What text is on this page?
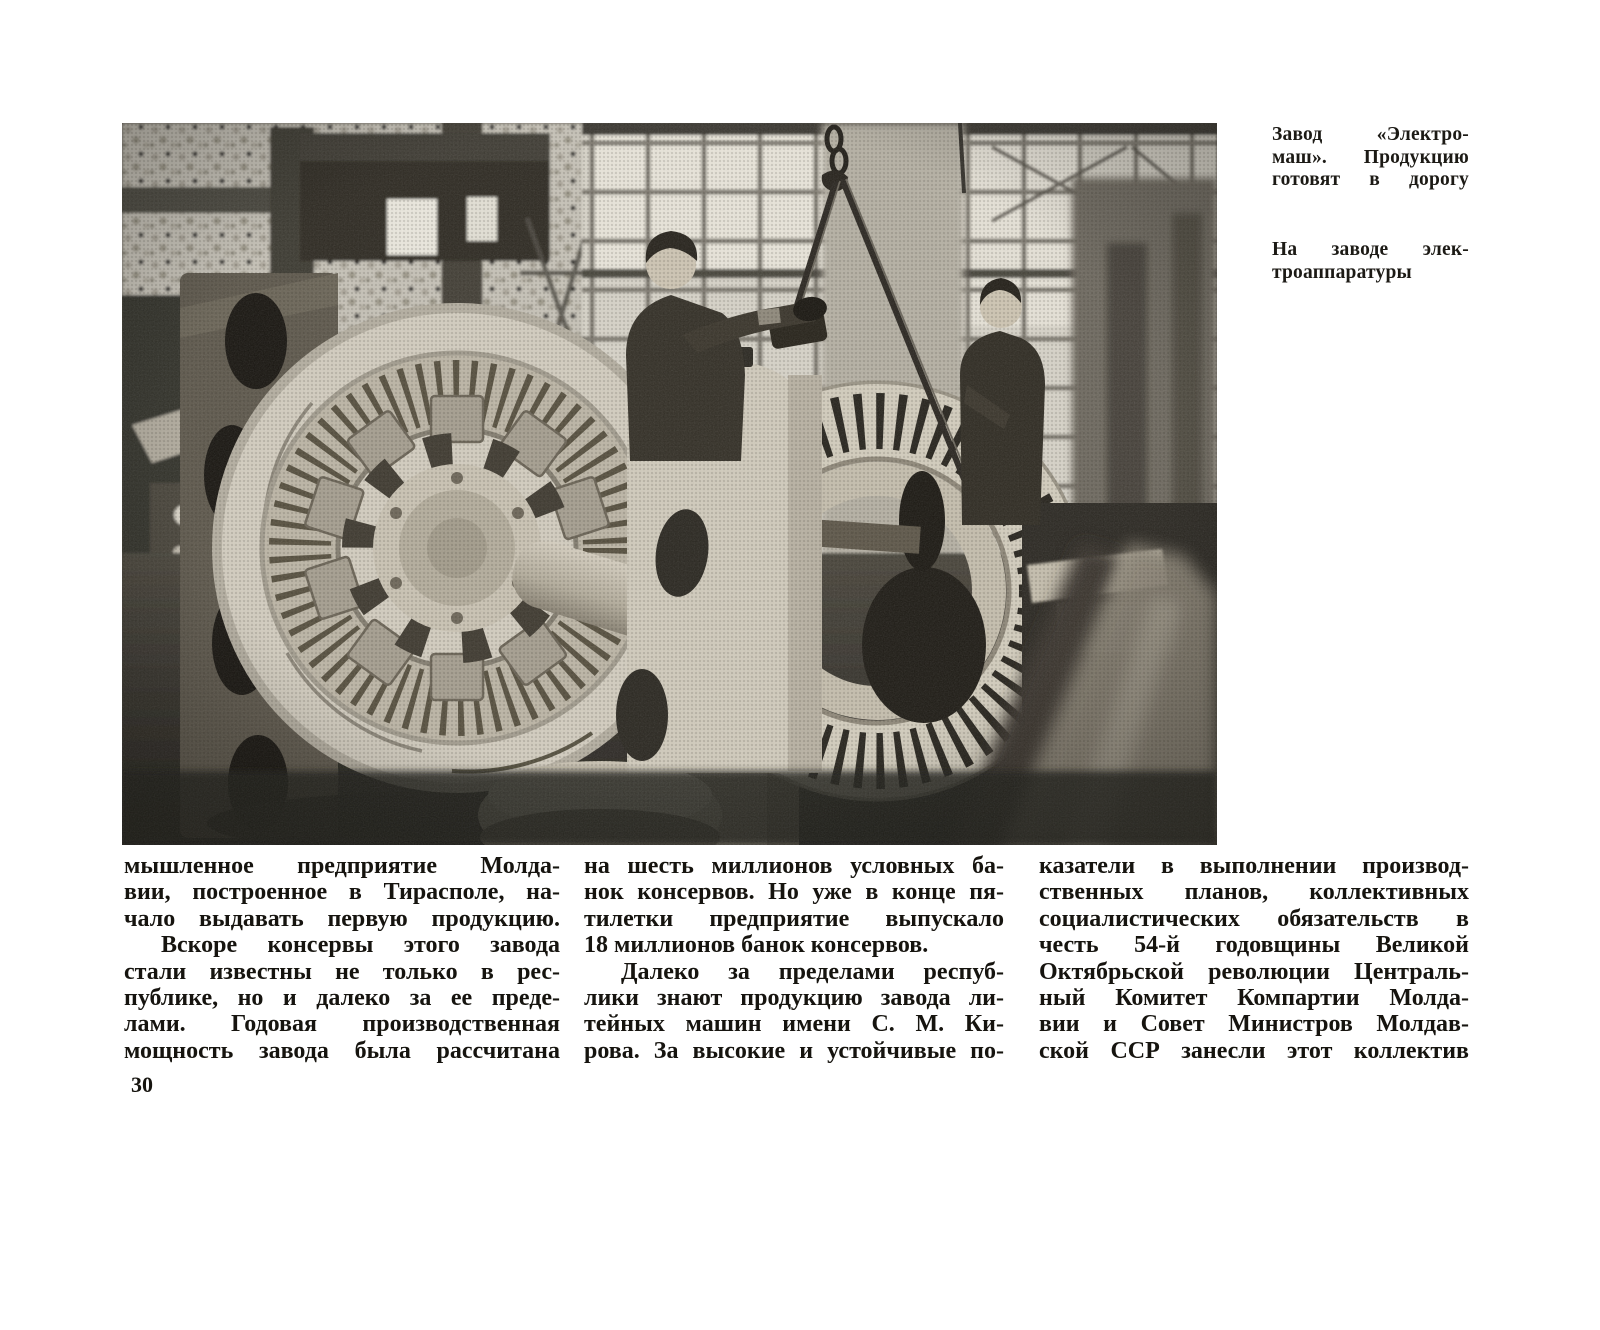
Завод «Электро-
маш». Продукцию
готовят в дорогу
На заводе элек-
троаппаратуры
мышленное предприятие Молда-
вии, построенное в Тирасполе, на-
чало выдавать первую продукцию.
Вскоре консервы этого завода
стали известны не только в рес-
публике, но и далеко за ее преде-
лами. Годовая производственная
мощность завода была рассчитана
на шесть миллионов условных ба-
нок консервов. Но уже в конце пя-
тилетки предприятие выпускало
18 миллионов банок консервов.
Далеко за пределами респуб-
лики знают продукцию завода ли-
тейных машин имени С. М. Ки-
рова. За высокие и устойчивые по-
казатели в выполнении производ-
ственных планов, коллективных
социалистических обязательств в
честь 54-й годовщины Великой
Октябрьской революции Централь-
ный Комитет Компартии Молда-
вии и Совет Министров Молдав-
ской ССР занесли этот коллектив
30
